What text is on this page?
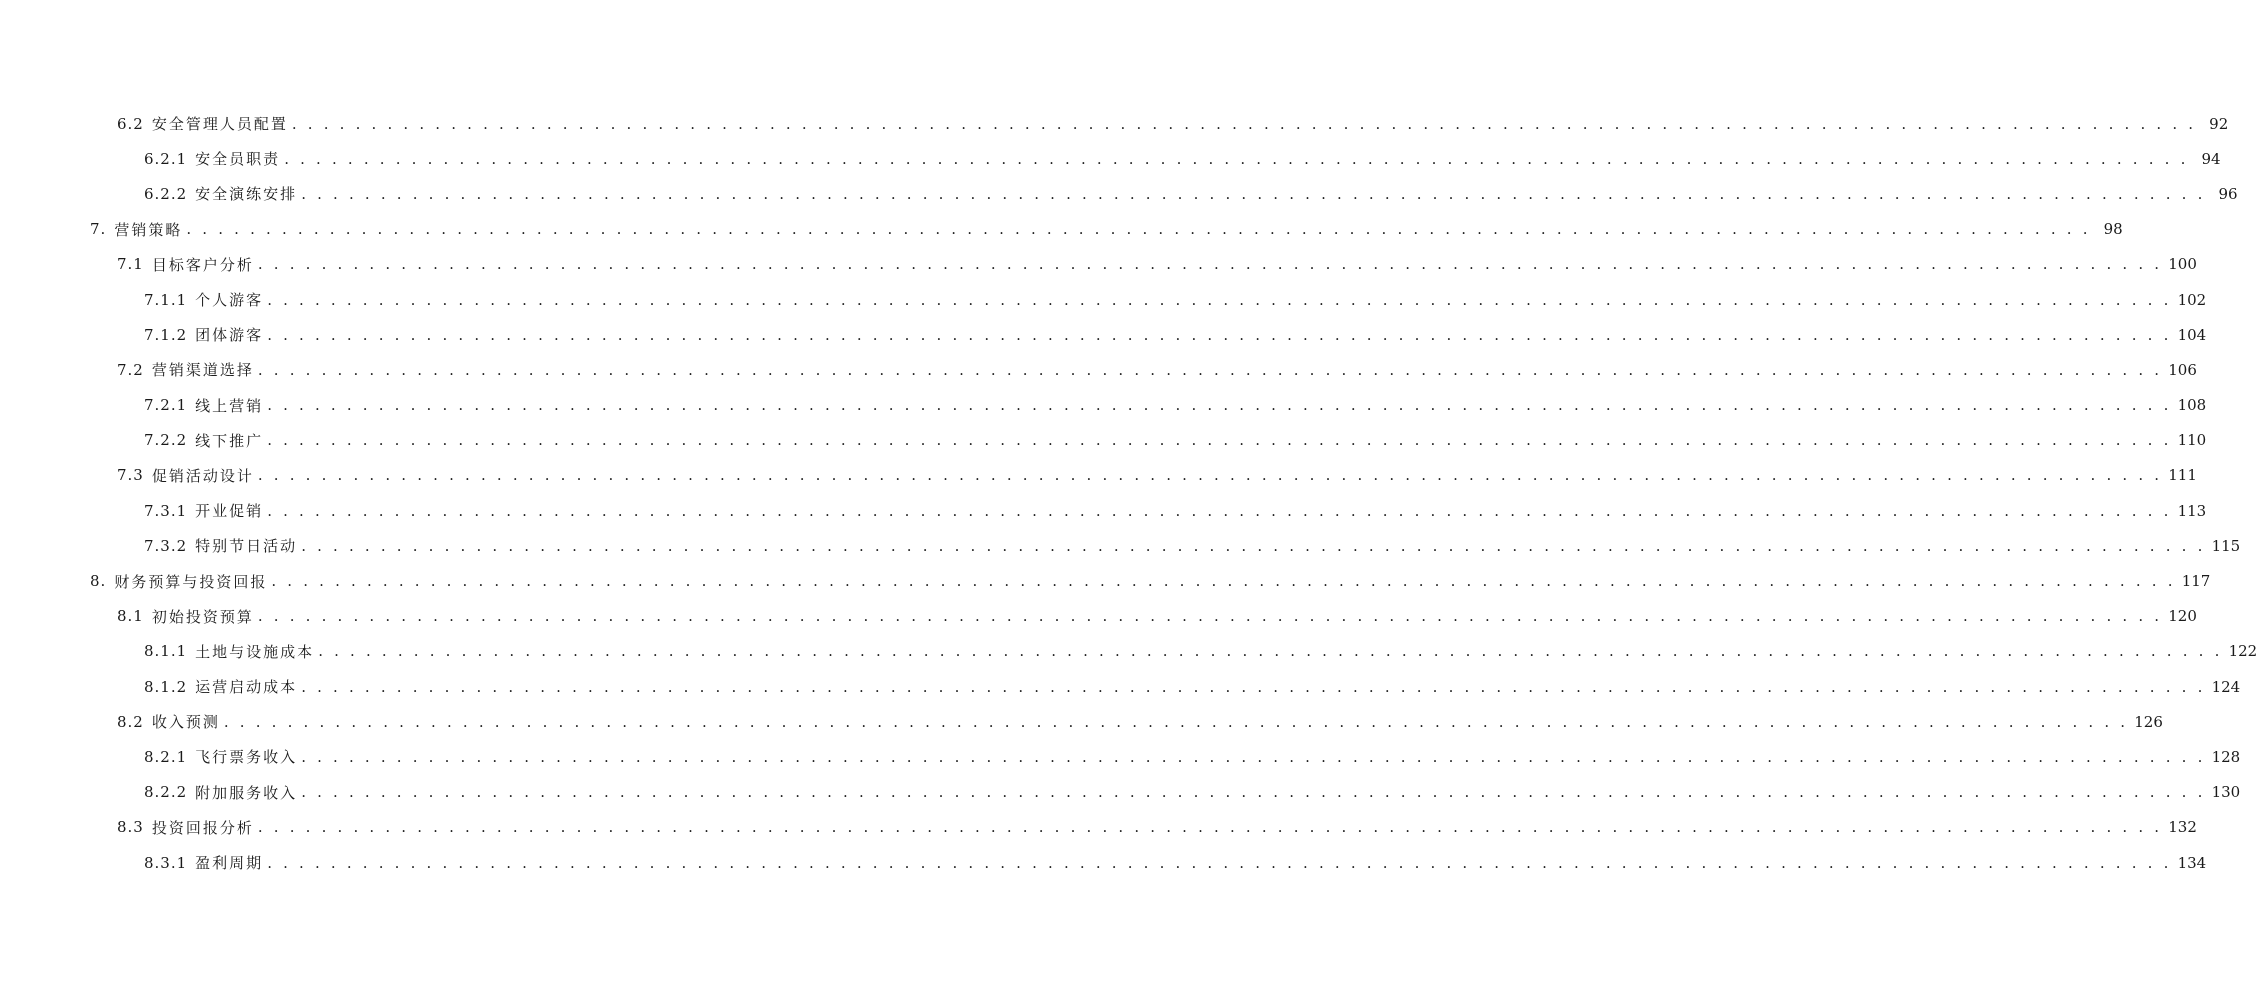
6.2 安全管理人员配置 . . . . . . . . . . . . . . . . . . . . . . . . . . . . . . . . . . . . . . . . . . . . . . . . . . . . . . . . . . . . . . . . . . . . . . . . . . . . . . . . . . . . . . . . . . . . . . . . . . . . . . . . . . . . . . . . . . . . . . . . 92
6.2.1 安全员职责 . . . . . . . . . . . . . . . . . . . . . . . . . . . . . . . . . . . . . . . . . . . . . . . . . . . . . . . . . . . . . . . . . . . . . . . . . . . . . . . . . . . . . . . . . . . . . . . . . . . . . . . . . . . . . . . . . . . . . . . . 94
6.2.2 安全演练安排 . . . . . . . . . . . . . . . . . . . . . . . . . . . . . . . . . . . . . . . . . . . . . . . . . . . . . . . . . . . . . . . . . . . . . . . . . . . . . . . . . . . . . . . . . . . . . . . . . . . . . . . . . . . . . . . . . . . . . . . . 96
7. 营销策略 . . . . . . . . . . . . . . . . . . . . . . . . . . . . . . . . . . . . . . . . . . . . . . . . . . . . . . . . . . . . . . . . . . . . . . . . . . . . . . . . . . . . . . . . . . . . . . . . . . . . . . . . . . . . . . . . . . . . . . . . 98
7.1 目标客户分析 . . . . . . . . . . . . . . . . . . . . . . . . . . . . . . . . . . . . . . . . . . . . . . . . . . . . . . . . . . . . . . . . . . . . . . . . . . . . . . . . . . . . . . . . . . . . . . . . . . . . . . . . . . . . . . . . . . . . . . . . 100
7.1.1 个人游客 . . . . . . . . . . . . . . . . . . . . . . . . . . . . . . . . . . . . . . . . . . . . . . . . . . . . . . . . . . . . . . . . . . . . . . . . . . . . . . . . . . . . . . . . . . . . . . . . . . . . . . . . . . . . . . . . . . . . . . . . 102
7.1.2 团体游客 . . . . . . . . . . . . . . . . . . . . . . . . . . . . . . . . . . . . . . . . . . . . . . . . . . . . . . . . . . . . . . . . . . . . . . . . . . . . . . . . . . . . . . . . . . . . . . . . . . . . . . . . . . . . . . . . . . . . . . . . 104
7.2 营销渠道选择 . . . . . . . . . . . . . . . . . . . . . . . . . . . . . . . . . . . . . . . . . . . . . . . . . . . . . . . . . . . . . . . . . . . . . . . . . . . . . . . . . . . . . . . . . . . . . . . . . . . . . . . . . . . . . . . . . . . . . . . . 106
7.2.1 线上营销 . . . . . . . . . . . . . . . . . . . . . . . . . . . . . . . . . . . . . . . . . . . . . . . . . . . . . . . . . . . . . . . . . . . . . . . . . . . . . . . . . . . . . . . . . . . . . . . . . . . . . . . . . . . . . . . . . . . . . . . . 108
7.2.2 线下推广 . . . . . . . . . . . . . . . . . . . . . . . . . . . . . . . . . . . . . . . . . . . . . . . . . . . . . . . . . . . . . . . . . . . . . . . . . . . . . . . . . . . . . . . . . . . . . . . . . . . . . . . . . . . . . . . . . . . . . . . . 110
7.3 促销活动设计 . . . . . . . . . . . . . . . . . . . . . . . . . . . . . . . . . . . . . . . . . . . . . . . . . . . . . . . . . . . . . . . . . . . . . . . . . . . . . . . . . . . . . . . . . . . . . . . . . . . . . . . . . . . . . . . . . . . . . . . . 111
7.3.1 开业促销 . . . . . . . . . . . . . . . . . . . . . . . . . . . . . . . . . . . . . . . . . . . . . . . . . . . . . . . . . . . . . . . . . . . . . . . . . . . . . . . . . . . . . . . . . . . . . . . . . . . . . . . . . . . . . . . . . . . . . . . . 113
7.3.2 特别节日活动 . . . . . . . . . . . . . . . . . . . . . . . . . . . . . . . . . . . . . . . . . . . . . . . . . . . . . . . . . . . . . . . . . . . . . . . . . . . . . . . . . . . . . . . . . . . . . . . . . . . . . . . . . . . . . . . . . . . . . . . . 115
8. 财务预算与投资回报 . . . . . . . . . . . . . . . . . . . . . . . . . . . . . . . . . . . . . . . . . . . . . . . . . . . . . . . . . . . . . . . . . . . . . . . . . . . . . . . . . . . . . . . . . . . . . . . . . . . . . . . . . . . . . . . . . . . . . . . . 117
8.1 初始投资预算 . . . . . . . . . . . . . . . . . . . . . . . . . . . . . . . . . . . . . . . . . . . . . . . . . . . . . . . . . . . . . . . . . . . . . . . . . . . . . . . . . . . . . . . . . . . . . . . . . . . . . . . . . . . . . . . . . . . . . . . . 120
8.1.1 土地与设施成本 . . . . . . . . . . . . . . . . . . . . . . . . . . . . . . . . . . . . . . . . . . . . . . . . . . . . . . . . . . . . . . . . . . . . . . . . . . . . . . . . . . . . . . . . . . . . . . . . . . . . . . . . . . . . . . . . . . . . . . . . 122
8.1.2 运营启动成本 . . . . . . . . . . . . . . . . . . . . . . . . . . . . . . . . . . . . . . . . . . . . . . . . . . . . . . . . . . . . . . . . . . . . . . . . . . . . . . . . . . . . . . . . . . . . . . . . . . . . . . . . . . . . . . . . . . . . . . . . 124
8.2 收入预测 . . . . . . . . . . . . . . . . . . . . . . . . . . . . . . . . . . . . . . . . . . . . . . . . . . . . . . . . . . . . . . . . . . . . . . . . . . . . . . . . . . . . . . . . . . . . . . . . . . . . . . . . . . . . . . . . . . . . . . . . 126
8.2.1 飞行票务收入 . . . . . . . . . . . . . . . . . . . . . . . . . . . . . . . . . . . . . . . . . . . . . . . . . . . . . . . . . . . . . . . . . . . . . . . . . . . . . . . . . . . . . . . . . . . . . . . . . . . . . . . . . . . . . . . . . . . . . . . . 128
8.2.2 附加服务收入 . . . . . . . . . . . . . . . . . . . . . . . . . . . . . . . . . . . . . . . . . . . . . . . . . . . . . . . . . . . . . . . . . . . . . . . . . . . . . . . . . . . . . . . . . . . . . . . . . . . . . . . . . . . . . . . . . . . . . . . . 130
8.3 投资回报分析 . . . . . . . . . . . . . . . . . . . . . . . . . . . . . . . . . . . . . . . . . . . . . . . . . . . . . . . . . . . . . . . . . . . . . . . . . . . . . . . . . . . . . . . . . . . . . . . . . . . . . . . . . . . . . . . . . . . . . . . . 132
8.3.1 盈利周期 . . . . . . . . . . . . . . . . . . . . . . . . . . . . . . . . . . . . . . . . . . . . . . . . . . . . . . . . . . . . . . . . . . . . . . . . . . . . . . . . . . . . . . . . . . . . . . . . . . . . . . . . . . . . . . . . . . . . . . . . 134
